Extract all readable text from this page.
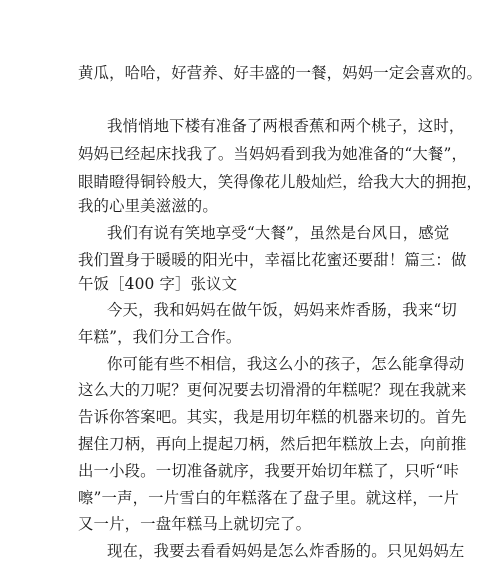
黄瓜，哈哈，好营养、好丰盛的一餐，妈妈一定会喜欢的。
我悄悄地下楼有准备了两根香蕉和两个桃子，这时，
妈妈已经起床找我了。当妈妈看到我为她准备的“大餐”，
眼睛瞪得铜铃般大，笑得像花儿般灿烂，给我大大的拥抱，
我的心里美滋滋的。
我们有说有笑地享受“大餐”，虽然是台风日，感觉
我们置身于暖暖的阳光中，幸福比花蜜还要甜！篇三：做
午饭［400 字］张议文
今天，我和妈妈在做午饭，妈妈来炸香肠，我来“切
年糕”，我们分工合作。
你可能有些不相信，我这么小的孩子，怎么能拿得动
这么大的刀呢？更何况要去切滑滑的年糕呢？现在我就来
告诉你答案吧。其实，我是用切年糕的机器来切的。首先
握住刀柄，再向上提起刀柄，然后把年糕放上去，向前推
出一小段。一切准备就序，我要开始切年糕了，只听“咔
嚓”一声，一片雪白的年糕落在了盘子里。就这样，一片
又一片，一盘年糕马上就切完了。
现在，我要去看看妈妈是怎么炸香肠的。只见妈妈左
